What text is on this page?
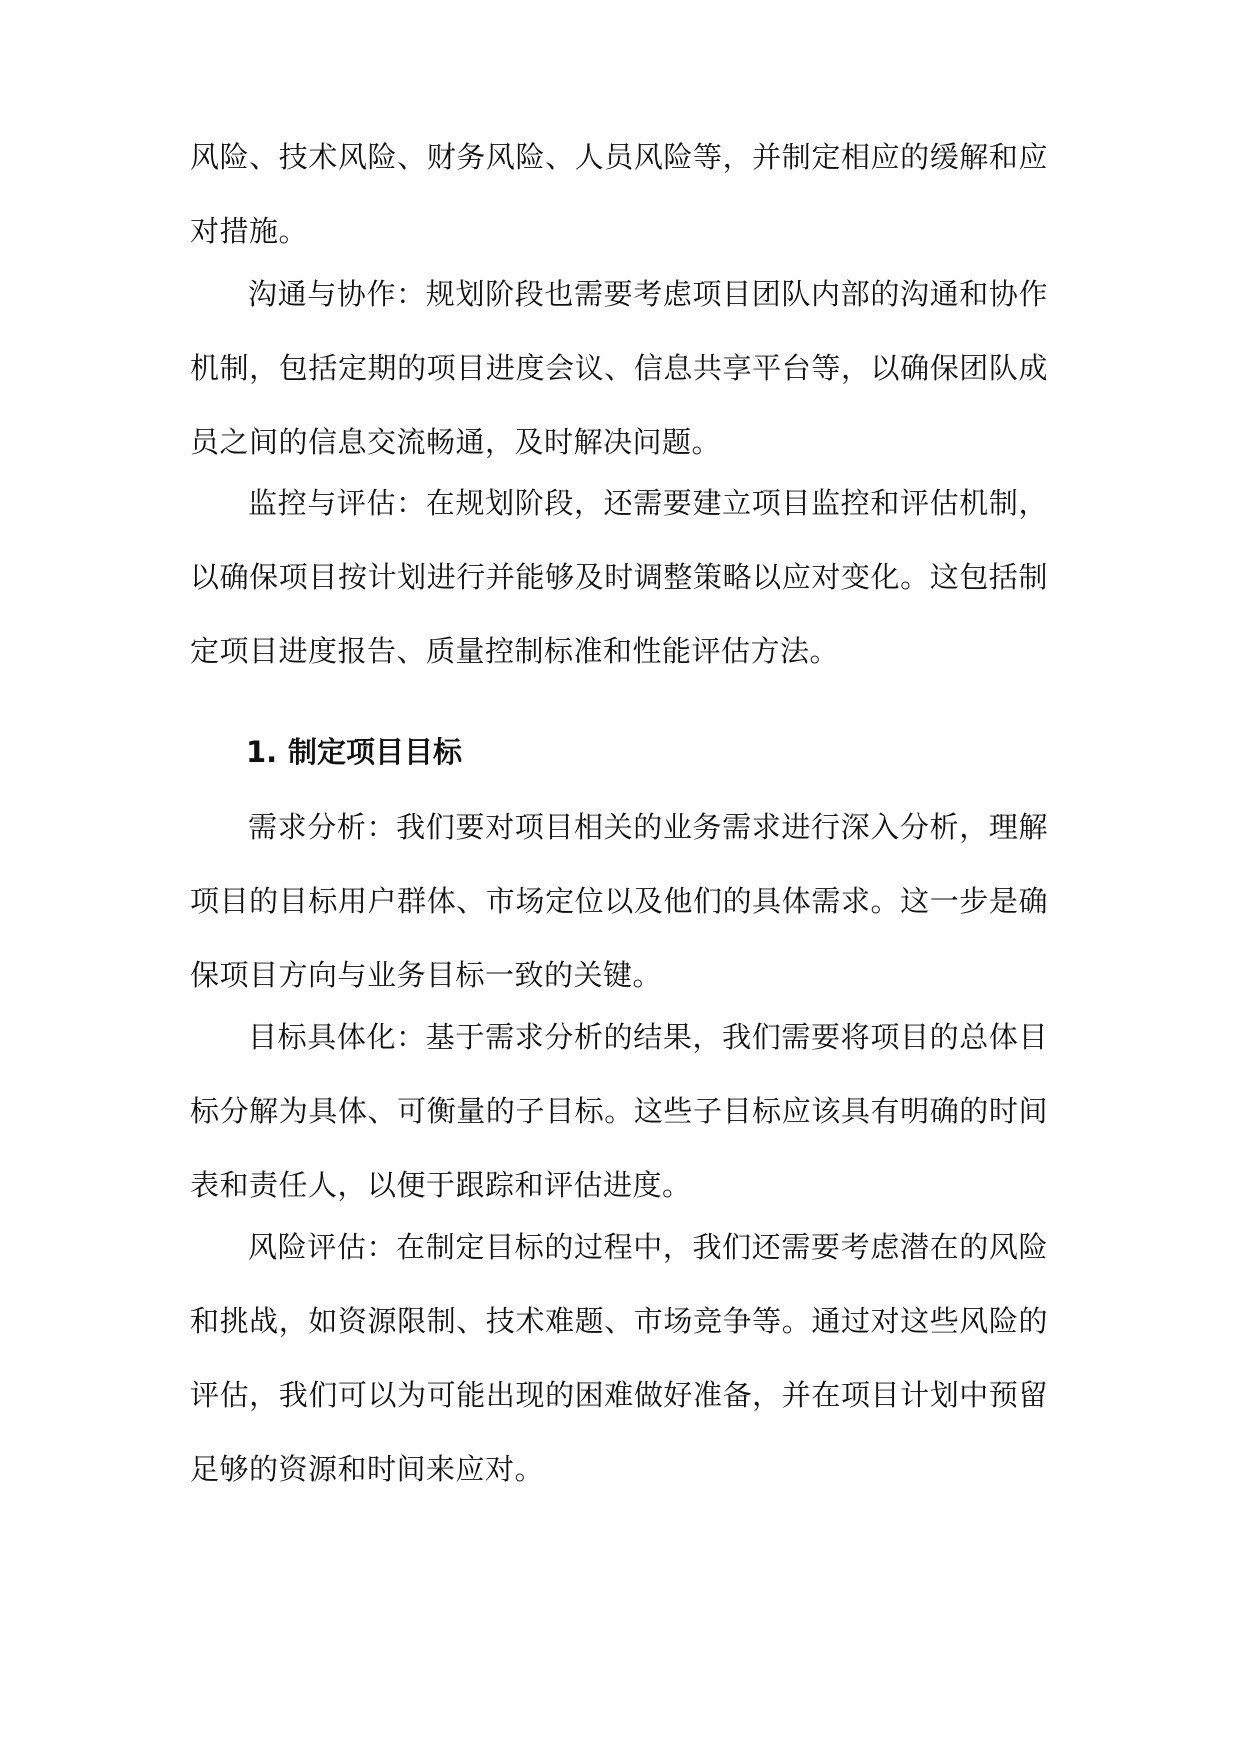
风险、技术风险、财务风险、人员风险等，并制定相应的缓解和应对措施。

沟通与协作：规划阶段也需要考虑项目团队内部的沟通和协作机制，包括定期的项目进度会议、信息共享平台等，以确保团队成员之间的信息交流畅通，及时解决问题。

监控与评估：在规划阶段，还需要建立项目监控和评估机制，以确保项目按计划进行并能够及时调整策略以应对变化。这包括制定项目进度报告、质量控制标准和性能评估方法。

1. 制定项目目标

需求分析：我们要对项目相关的业务需求进行深入分析，理解项目的目标用户群体、市场定位以及他们的具体需求。这一步是确保项目方向与业务目标一致的关键。

目标具体化：基于需求分析的结果，我们需要将项目的总体目标分解为具体、可衡量的子目标。这些子目标应该具有明确的时间表和责任人，以便于跟踪和评估进度。

风险评估：在制定目标的过程中，我们还需要考虑潜在的风险和挑战，如资源限制、技术难题、市场竞争等。通过对这些风险的评估，我们可以为可能出现的困难做好准备，并在项目计划中预留足够的资源和时间来应对。
